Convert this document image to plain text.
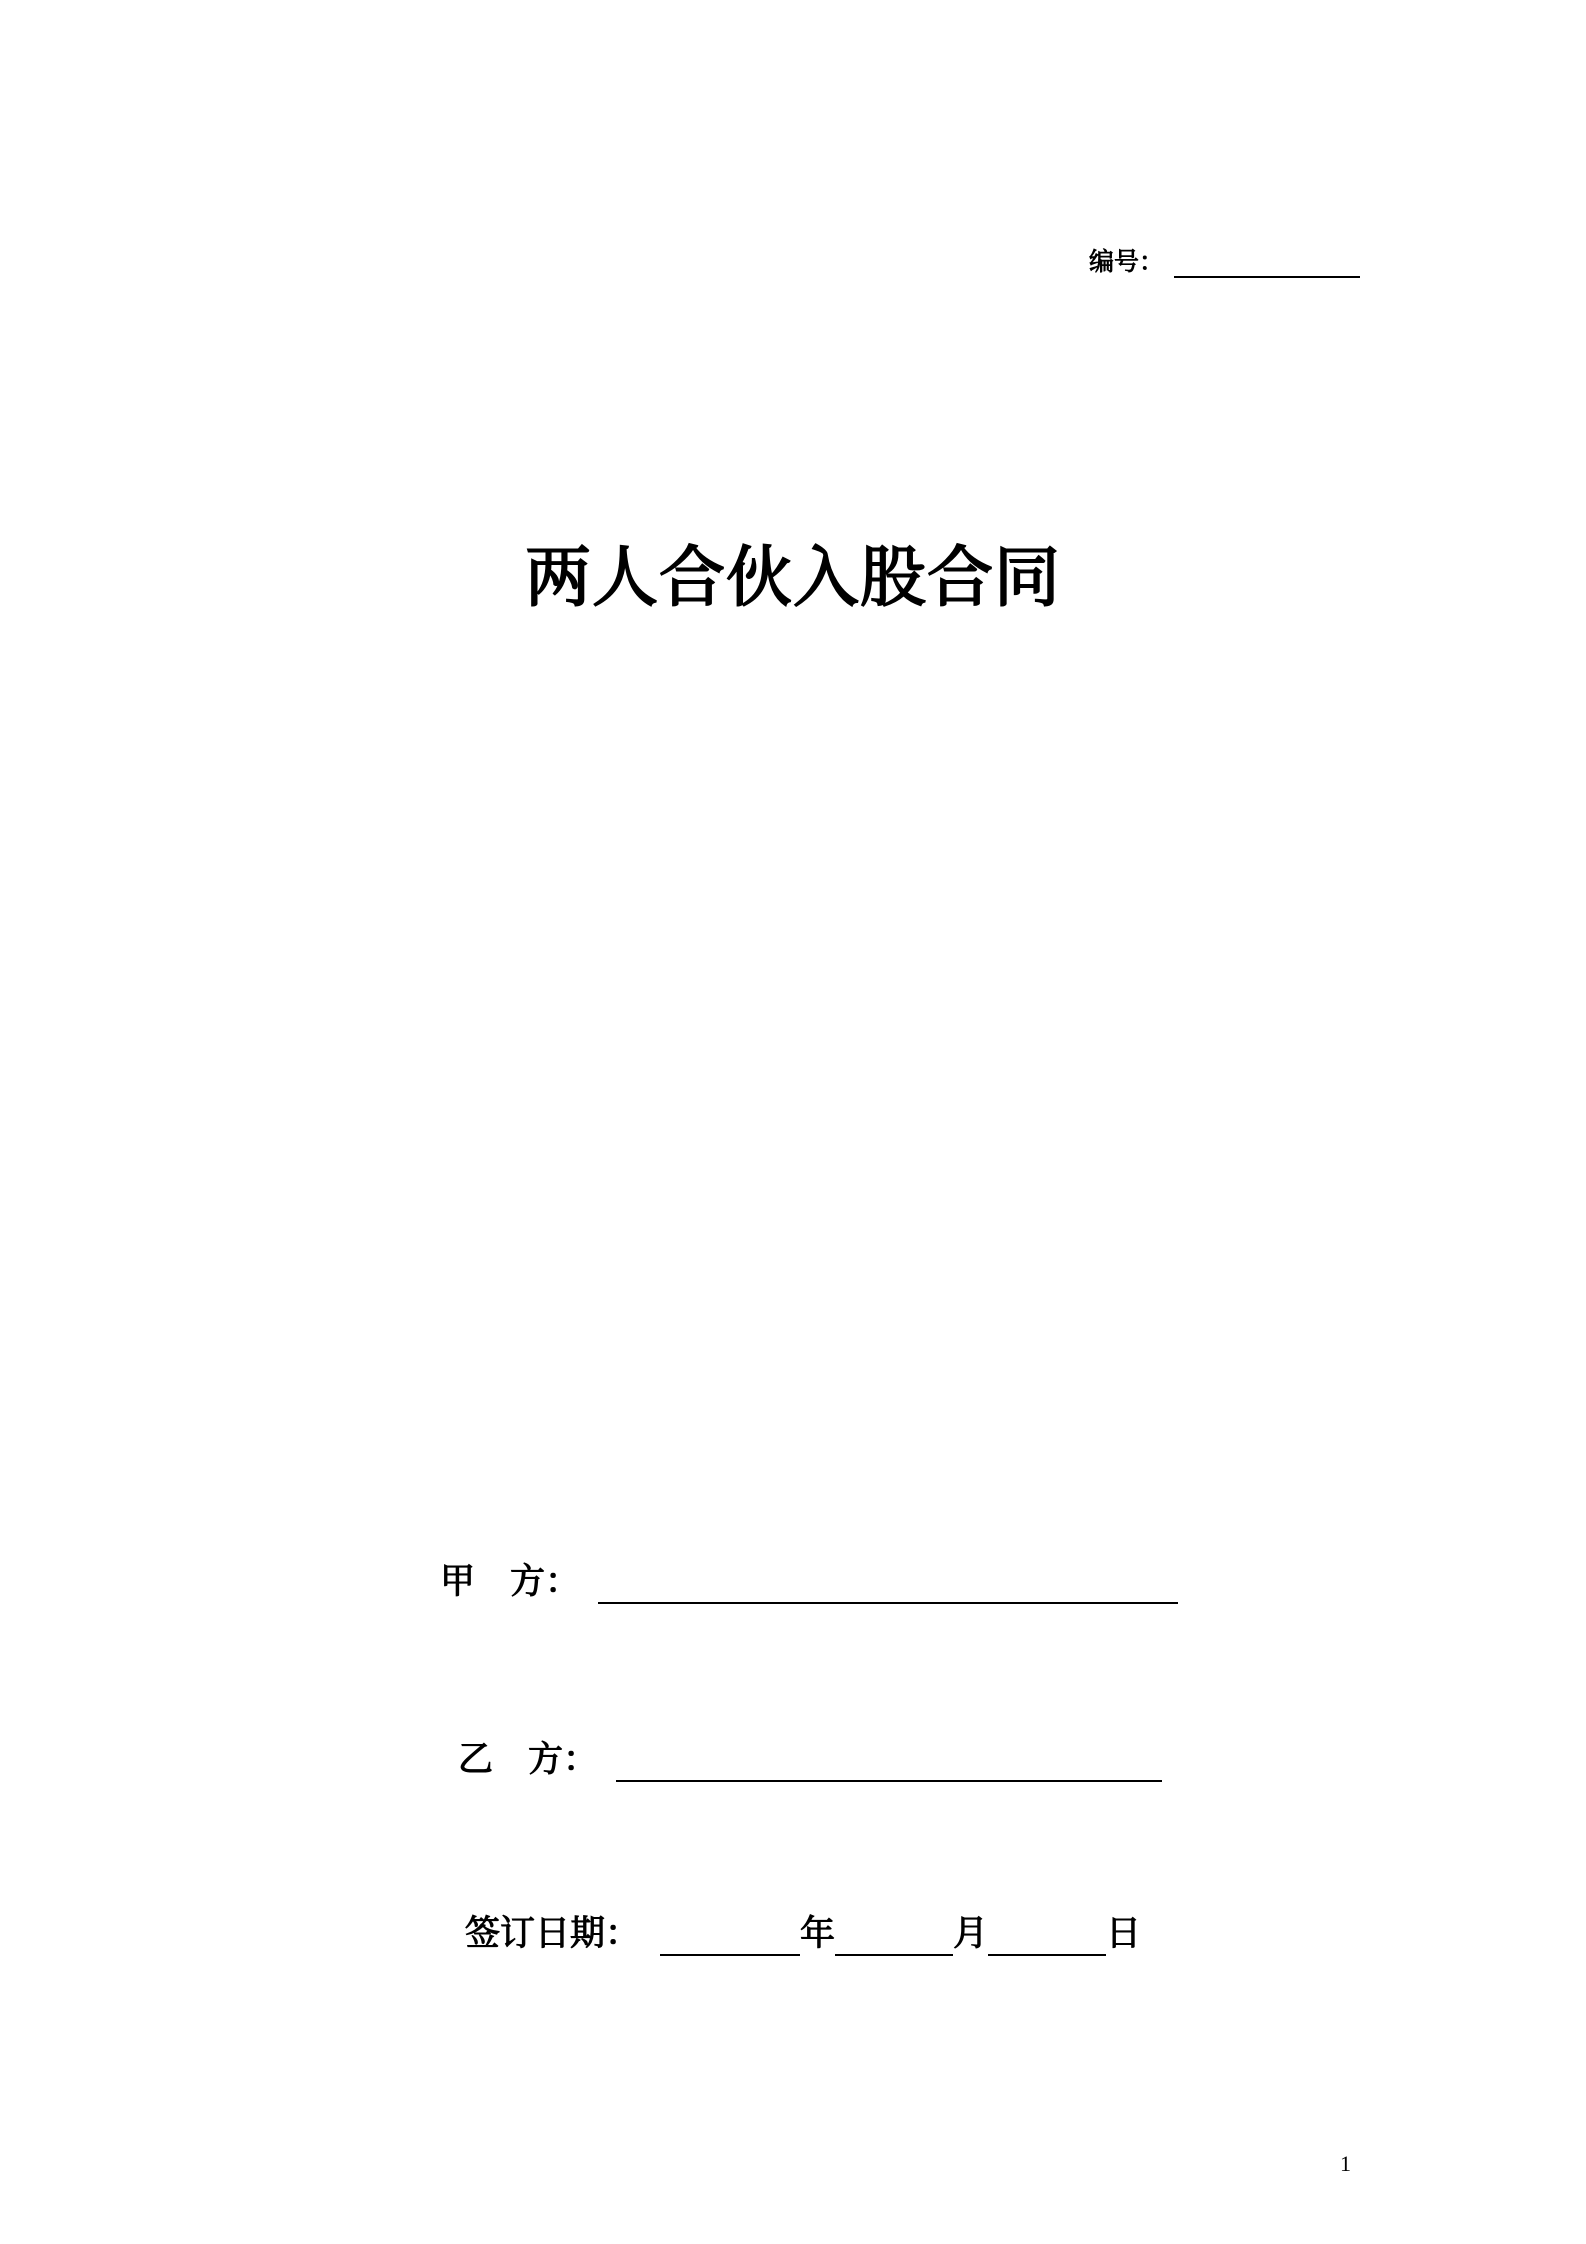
编号：
两人合伙入股合同
甲　方：
乙　方：
签订日期：	年	月	日
1
